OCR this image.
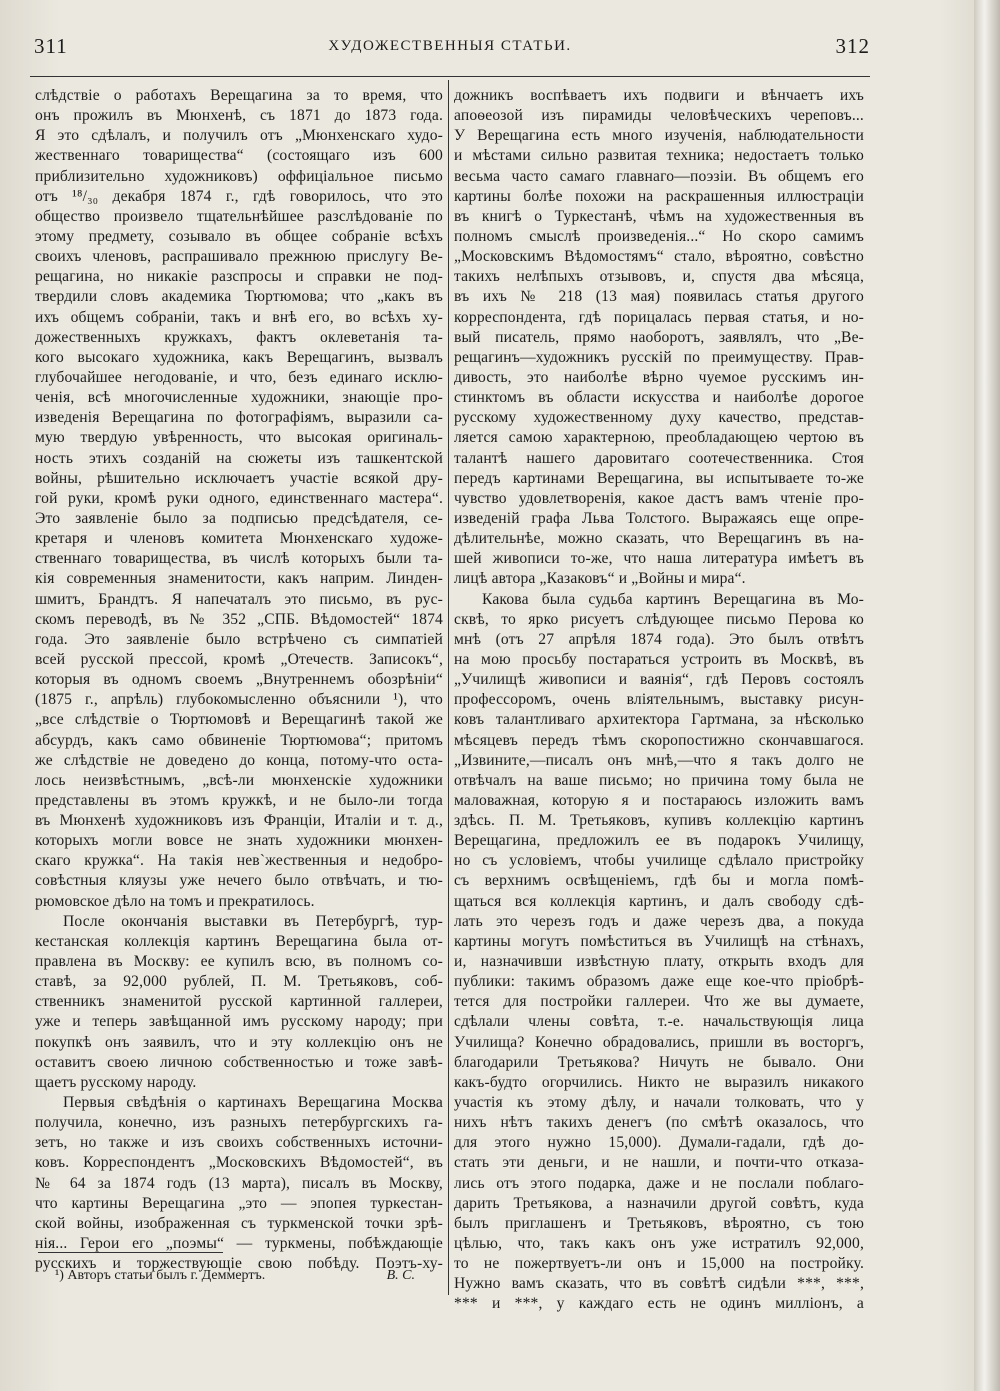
311	ХУДОЖЕСТВЕННЫЯ СТАТЬИ.	312
слѣдствіе о работахъ Верещагина за то время, что
онъ прожилъ въ Мюнхенѣ, съ 1871 до 1873 года.
Я это сдѣлалъ, и получилъ отъ „Мюнхенскаго худо-
жественнаго товарищества“ (состоящаго изъ 600
приблизительно художниковъ) оффиціальное письмо
отъ ¹⁸/₃₀ декабря 1874 г., гдѣ говорилось, что это
общество произвело тщательнѣйшее разслѣдованіе по
этому предмету, созывало въ общее собраніе всѣхъ
своихъ членовъ, распрашивало прежнюю прислугу Ве-
рещагина, но никакіе разспросы и справки не под-
твердили словъ академика Тюртюмова; что „какъ въ
ихъ общемъ собраніи, такъ и внѣ его, во всѣхъ ху-
дожественныхъ кружкахъ, фактъ оклеветанія та-
кого высокаго художника, какъ Верещагинъ, вызвалъ
глубочайшее негодованіе, и что, безъ единаго исклю-
ченія, всѣ многочисленные художники, знающіе про-
изведенія Верещагина по фотографіямъ, выразили са-
мую твердую увѣренность, что высокая оригиналь-
ность этихъ созданій на сюжеты изъ ташкентской
войны, рѣшительно исключаетъ участіе всякой дру-
гой руки, кромѣ руки одного, единственнаго мастера“.
Это заявленіе было за подписью предсѣдателя, се-
кретаря и членовъ комитета Мюнхенскаго художе-
ственнаго товарищества, въ числѣ которыхъ были та-
кія современныя знаменитости, какъ наприм. Линден-
шмитъ, Брандтъ. Я напечаталъ это письмо, въ рус-
скомъ переводѣ, въ № 352 „СПБ. Вѣдомостей“ 1874
года. Это заявленіе было встрѣчено съ симпатіей
всей русской прессой, кромѣ „Отечеств. Записокъ“,
которыя въ одномъ своемъ „Внутреннемъ обозрѣніи“
(1875 г., апрѣль) глубокомысленно объяснили ¹), что
„все слѣдствіе о Тюртюмовѣ и Верещагинѣ такой же
абсурдъ, какъ само обвиненіе Тюртюмова“; притомъ
же слѣдствіе не доведено до конца, потому-что оста-
лось неизвѣстнымъ, „всѣ-ли мюнхенскіе художники
представлены въ этомъ кружкѣ, и не было-ли тогда
въ Мюнхенѣ художниковъ изъ Франціи, Италіи и т. д.,
которыхъ могли вовсе не знать художники мюнхен-
скаго кружка“. На такія нев`жественныя и недобро-
совѣстныя кляузы уже нечего было отвѣчать, и тю-
рюмовское дѣло на томъ и прекратилось.
После окончанія выставки въ Петербургѣ, тур-
кестанская коллекція картинъ Верещагина была от-
правлена въ Москву: ее купилъ всю, въ полномъ со-
ставѣ, за 92,000 рублей, П. М. Третьяковъ, соб-
ственникъ знаменитой русской картинной галлереи,
уже и теперь завѣщанной имъ русскому народу; при
покупкѣ онъ заявилъ, что и эту коллекцію онъ не
оставитъ своею личною собственностью и тоже завѣ-
щаетъ русскому народу.
Первыя свѣдѣнія о картинахъ Верещагина Москва
получила, конечно, изъ разныхъ петербургскихъ га-
зетъ, но также и изъ своихъ собственныхъ источни-
ковъ. Корреспондентъ „Московскихъ Вѣдомостей“, въ
№ 64 за 1874 годъ (13 марта), писалъ въ Москву,
что картины Верещагина „это — эпопея туркестан-
ской войны, изображенная съ туркменской точки зрѣ-
нія... Герои его „поэмы“ — туркмены, побѣждающіе
русскихъ и торжествующіе свою побѣду. Поэтъ-ху-
дожникъ воспѣваетъ ихъ подвиги и вѣнчаетъ ихъ
апоѳеозой изъ пирамиды человѣческихъ череповъ...
У Верещагина есть много изученія, наблюдательности
и мѣстами сильно развитая техника; недостаетъ только
весьма часто самаго главнаго—поэзіи. Въ общемъ его
картины болѣе похожи на раскрашенныя иллюстраціи
въ книгѣ о Туркестанѣ, чѣмъ на художественныя въ
полномъ смыслѣ произведенія...“ Но скоро самимъ
„Московскимъ Вѣдомостямъ“ стало, вѣроятно, совѣстно
такихъ нелѣпыхъ отзывовъ, и, спустя два мѣсяца,
въ ихъ № 218 (13 мая) появилась статья другого
корреспондента, гдѣ порицалась первая статья, и но-
вый писатель, прямо наоборотъ, заявлялъ, что „Ве-
рещагинъ—художникъ русскій по преимуществу. Прав-
дивость, это наиболѣе вѣрно чуемое русскимъ ин-
стинктомъ въ области искусства и наиболѣе дорогое
русскому художественному духу качество, представ-
ляется самою характерною, преобладающею чертою въ
талантѣ нашего даровитаго соотечественника. Стоя
передъ картинами Верещагина, вы испытываете то-же
чувство удовлетворенія, какое дастъ вамъ чтеніе про-
изведеній графа Льва Толстого. Выражаясь еще опре-
дѣлительнѣе, можно сказать, что Верещагинъ въ на-
шей живописи то-же, что наша литература имѣетъ въ
лицѣ автора „Казаковъ“ и „Войны и мира“.
Какова была судьба картинъ Верещагина въ Мо-
сквѣ, то ярко рисуетъ слѣдующее письмо Перова ко
мнѣ (отъ 27 апрѣля 1874 года). Это былъ отвѣтъ
на мою просьбу постараться устроить въ Москвѣ, въ
„Училищѣ живописи и ваянія“, гдѣ Перовъ состоялъ
профессоромъ, очень вліятельнымъ, выставку рисун-
ковъ талантливаго архитектора Гартмана, за нѣсколько
мѣсяцевъ передъ тѣмъ скоропостижно скончавшагося.
„Извините,—писалъ онъ мнѣ,—что я такъ долго не
отвѣчалъ на ваше письмо; но причина тому была не
маловажная, которую я и постараюсь изложить вамъ
здѣсь. П. М. Третьяковъ, купивъ коллекцію картинъ
Верещагина, предложилъ ее въ подарокъ Училищу,
но съ условіемъ, чтобы училище сдѣлало пристройку
съ верхнимъ освѣщеніемъ, гдѣ бы и могла помѣ-
щаться вся коллекція картинъ, и далъ свободу сдѣ-
лать это черезъ годъ и даже черезъ два, а покуда
картины могутъ помѣститься въ Училищѣ на стѣнахъ,
и, назначивши извѣстную плату, открыть входъ для
публики: такимъ образомъ даже еще кое-что пріобрѣ-
тется для постройки галлереи. Что же вы думаете,
сдѣлали члены совѣта, т.-е. начальствующія лица
Училища? Конечно обрадовались, пришли въ восторгъ,
благодарили Третьякова? Ничуть не бывало. Они
какъ-будто огорчились. Никто не выразилъ никакого
участія къ этому дѣлу, и начали толковать, что у
нихъ нѣтъ такихъ денегъ (по смѣтѣ оказалось, что
для этого нужно 15,000). Думали-гадали, гдѣ до-
стать эти деньги, и не нашли, и почти-что отказа-
лись отъ этого подарка, даже и не послали поблаго-
дарить Третьякова, а назначили другой совѣтъ, куда
былъ приглашенъ и Третьяковъ, вѣроятно, съ тою
цѣлью, что, такъ какъ онъ уже истратилъ 92,000,
то не пожертвуетъ-ли онъ и 15,000 на постройку.
Нужно вамъ сказать, что въ совѣтѣ сидѣли ***, ***,
*** и ***, у каждаго есть не одинъ милліонъ, а
¹) Авторъ статьи былъ г. Деммертъ.	В. С.
